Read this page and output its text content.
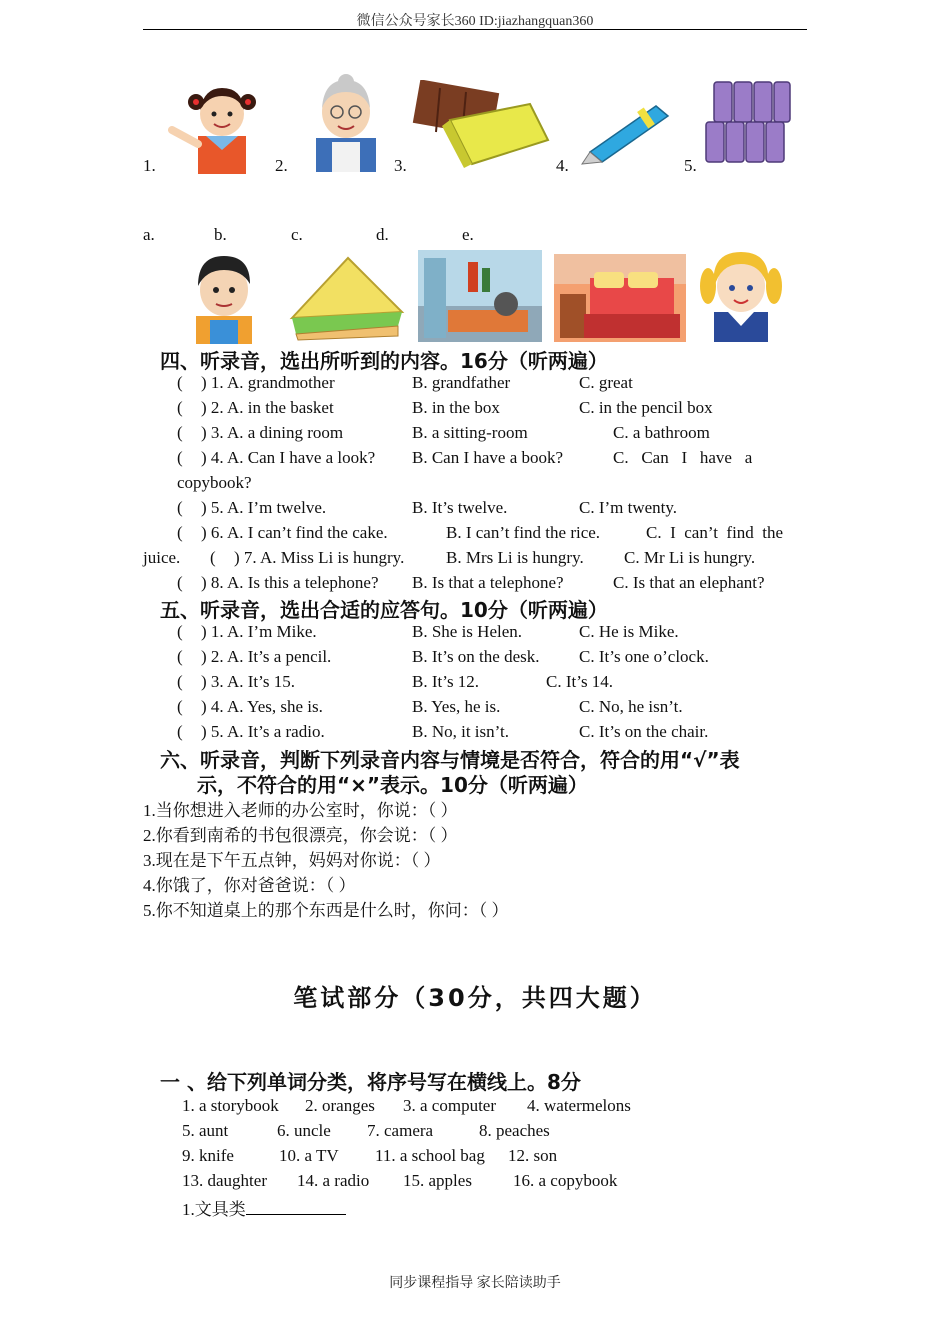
微信公众号家长360 ID:jiazhangquan360
1.	2.	3.	4.	5.
a.	b.	c.	d.	e.
四、听录音，选出所听到的内容。16分（听两遍）
( ) 1. A. grandmother	B. grandfather	C. great
( ) 2. A. in the basket	B. in the box	C. in the pencil box
( ) 3. A. a dining room	B. a sitting-room	C. a bathroom
( ) 4. A. Can I have a look? B. Can I have a book?	C.   Can   I   have   a
copybook?
( ) 5. A. I’m twelve.	B. It’s twelve.	C. I’m twenty.
( ) 6. A. I can’t find the cake.	B. I can’t find the rice.	C.  I  can’t  find  the
juice. ( ) 7. A. Miss Li is hungry. B. Mrs Li is hungry. C. Mr Li is hungry.
( ) 8. A. Is this a telephone? B. Is that a telephone?	C. Is that an elephant?
五、听录音，选出合适的应答句。10分（听两遍）
( ) 1. A. I’m Mike.	B. She is Helen.	C. He is Mike.
( ) 2. A. It’s a pencil.	B. It’s on the desk. C. It’s one o’clock.
( ) 3. A. It’s 15.	B. It’s 12.	C. It’s 14.
( ) 4. A. Yes, she is.	B. Yes, he is.	C. No, he isn’t.
( ) 5. A. It’s a radio.	B. No, it isn’t.	C. It’s on the chair.
六、听录音，判断下列录音内容与情境是否符合，符合的用“√”表
示，不符合的用“×”表示。10分（听两遍）
1.当你想进入老师的办公室时，你说：（ ）
2.你看到南希的书包很漂亮，你会说：（ ）
3.现在是下午五点钟，妈妈对你说：（ ）
4.你饿了，你对爸爸说：（ ）
5.你不知道桌上的那个东西是什么时，你问：（ ）
笔试部分（30分，共四大题）
一 、给下列单词分类，将序号写在横线上。8分
1. a storybook 2. oranges 3. a computer 4. watermelons
5. aunt	6. uncle 7. camera	8. peaches
9. knife	10. a TV 11. a school bag 12. son
13. daughter 14. a radio 15. apples 16. a copybook
1.文具类
同步课程指导 家长陪读助手
